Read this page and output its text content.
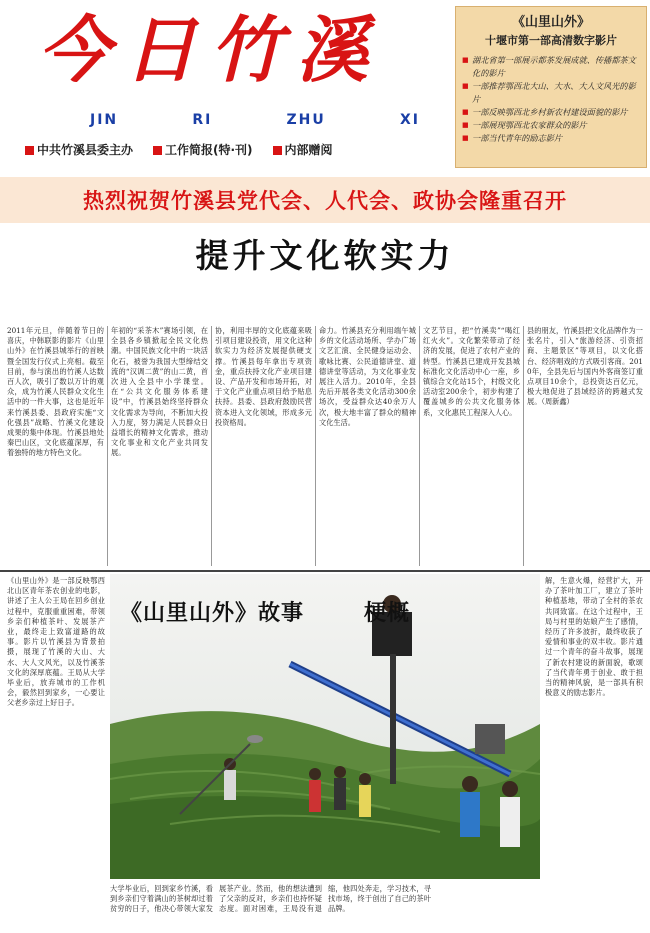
今日竹溪
JIN	RI	ZHU	XI
中共竹溪县委主办	工作简报(特·刊)	内部赠阅
《山里山外》
十堰市第一部高清数字影片
■ 湖北省第一部展示都茶发展成就、传播都茶文化的影片
■ 一部推荐鄂西北大山、大水、大人文风光的影片
■ 一部反映鄂西北乡村新农村建设面貌的影片
■ 一部展现鄂西北农家群众的影片
■ 一部当代青年的励志影片
热烈祝贺竹溪县党代会、人代会、政协会隆重召开
提升文化软实力
2011年元旦，伴随着节日的喜庆，中韩联影的影片《山里山外》在竹溪县城举行的首映暨全国发行仪式上亮相。截至目前，参与演出的竹溪人达数百人次，吸引了数以万计的观众，成为竹溪人民群众文化生活中的一件大事，这也是近年来竹溪县委、县政府实施“文化强县”战略、竹溪文化建设成果的集中体现。竹溪县地处秦巴山区，文化底蕴深厚，有着独特的地方特色文化。
年初的“采茶木”赛场引领，在全县各乡镇掀起全民文化热潮。中国民族文化中的一块活化石，被誉为我国大型缔结交流的“汉调二黄”的山二黄，首次进入全县中小学课堂。在“公共文化服务体系建设”中，竹溪县始终坚持群众文化需求为导向，不断加大投入力度，努力满足人民群众日益增长的精神文化需求，推动文化事业和文化产业共同发展。
协，利用丰厚的文化底蕴来吸引项目建设投资，用文化这种软实力为经济发展提供硬支撑。竹溪县每年拿出专项资金，重点扶持文化产业项目建设、产品开发和市场开拓，对于文化产业重点项目给予贴息扶持。县委、县政府鼓励民营资本进入文化领域，形成多元投资格局。
命力。竹溪县充分利用端午城乡的文化活动场所、学办广场文艺汇演、全民健身运动会、歌咏比赛、公民道德讲堂、道德讲堂等活动，为文化事业发展注入活力。2010年，全县先后开展各类文化活动300余场次，受益群众达40余万人次，极大地丰富了群众的精神文化生活。
文艺节目，把“竹溪卖”“喝红红火火”。文化繁荣带动了经济的发展，促进了农村产业的转型。竹溪县已建成开发县城标准化文化活动中心一座，乡镇综合文化站15个，村级文化活动室200余个，初步构建了覆盖城乡的公共文化服务体系，文化惠民工程深入人心。
县的朋友，竹溪县把文化品牌作为一张名片，引入“旅游经济、引资招商、主题景区”等项目，以文化搭台、经济唱戏的方式吸引客商。2010年，全县先后与国内外客商签订重点项目10余个，总投资达百亿元，极大地促进了县域经济的跨越式发展。（周新鑫）
《山里山外》是一部反映鄂西北山区青年茶农创业的电影，讲述了主人公王局在回乡创业过程中，克服重重困难，带领乡亲们种植茶叶、发展茶产业，最终走上致富道路的故事。影片以竹溪县为背景拍摄，展现了竹溪的大山、大水、大人文风光，以及竹溪茶文化的深厚底蕴。王局从大学毕业后，放弃城市的工作机会，毅然回到家乡，一心要让父老乡亲过上好日子。
《山里山外》故事	梗概
大学毕业后，回到家乡竹溪，看到乡亲们守着满山的茶树却过着贫穷的日子，他决心带领大家发展茶产业。然而，他的想法遭到了父亲的反对，乡亲们也持怀疑态度。面对困难，王局没有退缩，他四处奔走，学习技术，寻找市场，终于创出了自己的茶叶品牌。
解，生意火爆，经营扩大，开办了茶叶加工厂，建立了茶叶种植基地，带动了全村的茶农共同致富。在这个过程中，王局与村里的姑娘产生了感情，经历了许多波折，最终收获了爱情和事业的双丰收。影片通过一个青年的奋斗故事，展现了新农村建设的新面貌，歌颂了当代青年勇于创业、敢于担当的精神风貌，是一部具有积极意义的励志影片。
